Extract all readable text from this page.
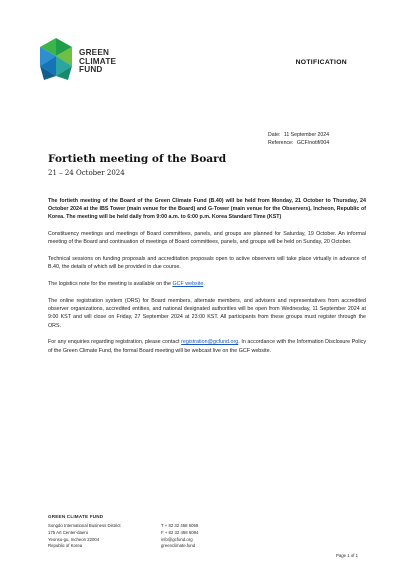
GREEN
CLIMATE
FUND
NOTIFICATION
Date: 11 September 2024
Reference: GCF/notif/004
Fortieth meeting of the Board
21 – 24 October 2024

The fortieth meeting of the Board of the Green Climate Fund (B.40) will be held from Monday, 21 October to Thursday, 24 October 2024 at the IBS Tower (main venue for the Board) and G-Tower (main venue for the Observers), Incheon, Republic of Korea. The meeting will be held daily from 9:00 a.m. to 6:00 p.m. Korea Standard Time (KST)

Constituency meetings and meetings of Board committees, panels, and groups are planned for Saturday, 19 October. An informal meeting of the Board and continuation of meetings of Board committees, panels, and groups will be held on Sunday, 20 October.

Technical sessions on funding proposals and accreditation proposals open to active observers will take place virtually in advance of B.40, the details of which will be provided in due course.

The logistics note for the meeting is available on the GCF website.

The online registration system (ORS) for Board members, alternate members, and advisers and representatives from accredited observer organizations, accredited entities, and national designated authorities will be open from Wednesday, 11 September 2024 at 9:00 KST and will close on Friday, 27 September 2024 at 23:00 KST. All participants from these groups must register through the ORS.

For any enquiries regarding registration, please contact registration@gcfund.org. In accordance with the Information Disclosure Policy of the Green Climate Fund, the formal Board meeting will be webcast live on the GCF website.

GREEN CLIMATE FUND
Songdo International Business District
175 Art Center-daero
Yeonsu-gu, Incheon 22004
Republic of Korea
T + 82 32 458 6059
F + 82 32 458 6094
info@gcfund.org
greenclimate.fund
Page 1 of 1
